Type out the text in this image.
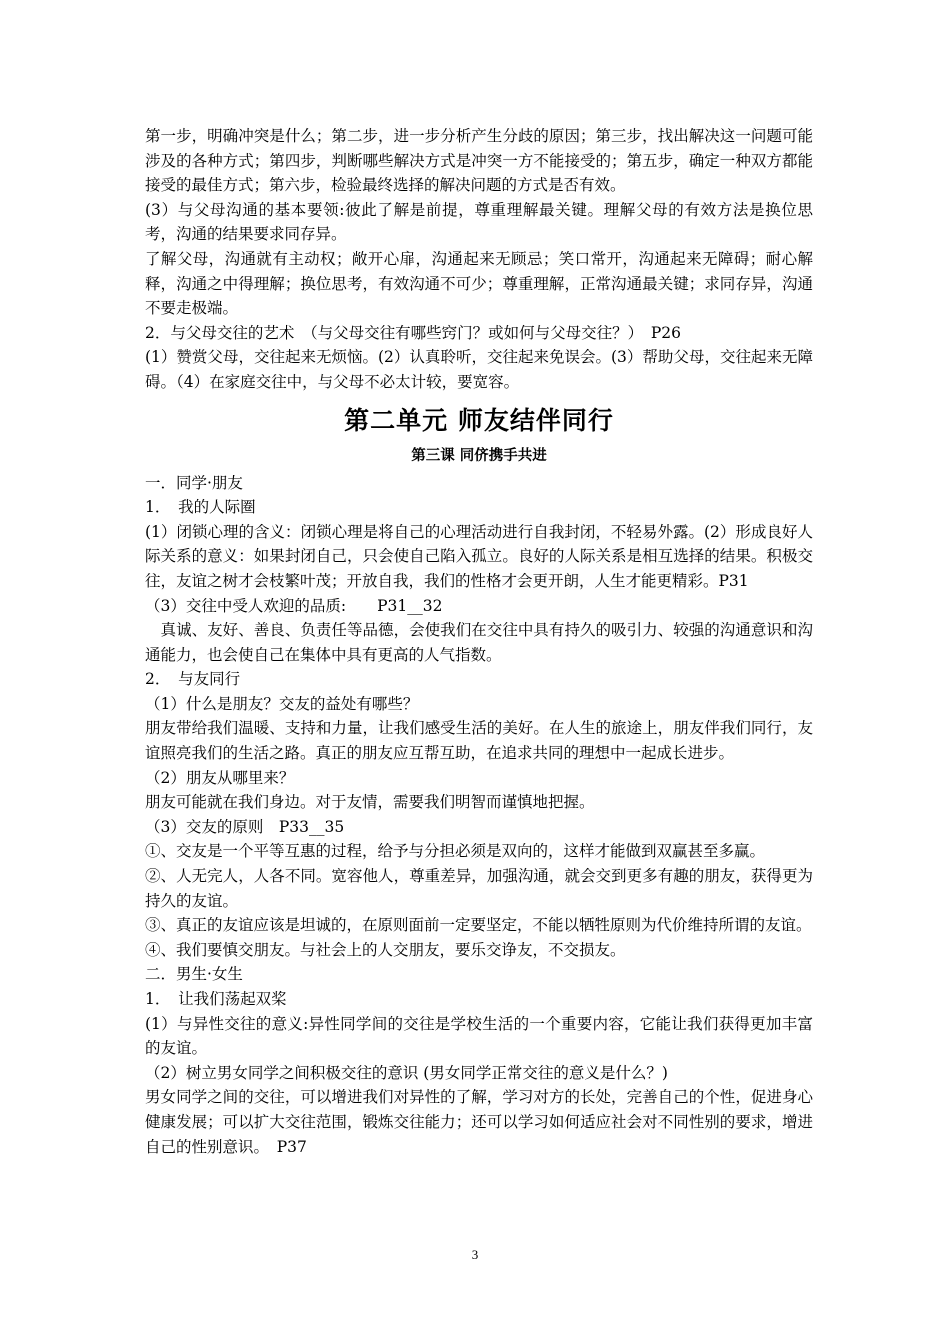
第一步，明确冲突是什么；第二步，进一步分析产生分歧的原因；第三步，找出解决这一问题可能涉及的各种方式；第四步，判断哪些解决方式是冲突一方不能接受的；第五步，确定一种双方都能接受的最佳方式；第六步，检验最终选择的解决问题的方式是否有效。

(3）与父母沟通的基本要领:彼此了解是前提，尊重理解最关键。理解父母的有效方法是换位思考，沟通的结果要求同存异。

了解父母，沟通就有主动权；敞开心扉，沟通起来无顾忌；笑口常开，沟通起来无障碍；耐心解释，沟通之中得理解；换位思考，有效沟通不可少；尊重理解，正常沟通最关键；求同存异，沟通不要走极端。

2．与父母交往的艺术　（与父母交往有哪些窍门？或如何与父母交往？）　P26

(1）赞赏父母，交往起来无烦恼。(2）认真聆听，交往起来免误会。(3）帮助父母，交往起来无障碍。（4）在家庭交往中，与父母不必太计较，要宽容。

第二单元 师友结伴同行
第三课 同侪携手共进

一．同学·朋友

1．　我的人际圈

(1）闭锁心理的含义：闭锁心理是将自己的心理活动进行自我封闭，不轻易外露。(2）形成良好人际关系的意义：如果封闭自己，只会使自己陷入孤立。良好的人际关系是相互选择的结果。积极交往，友谊之树才会枝繁叶茂；开放自我，我们的性格才会更开朗，人生才能更精彩。P31

（3）交往中受人欢迎的品质:　　P31__32

　真诚、友好、善良、负责任等品德，会使我们在交往中具有持久的吸引力、较强的沟通意识和沟通能力，也会使自己在集体中具有更高的人气指数。

2．　与友同行

（1）什么是朋友？交友的益处有哪些？

朋友带给我们温暖、支持和力量，让我们感受生活的美好。在人生的旅途上，朋友伴我们同行，友谊照亮我们的生活之路。真正的朋友应互帮互助，在追求共同的理想中一起成长进步。

（2）朋友从哪里来？

朋友可能就在我们身边。对于友情，需要我们明智而谨慎地把握。

（3）交友的原则　P33__35

①、交友是一个平等互惠的过程，给予与分担必须是双向的，这样才能做到双赢甚至多赢。

②、人无完人，人各不同。宽容他人，尊重差异，加强沟通，就会交到更多有趣的朋友，获得更为持久的友谊。

③、真正的友谊应该是坦诚的，在原则面前一定要坚定，不能以牺牲原则为代价维持所谓的友谊。

④、我们要慎交朋友。与社会上的人交朋友，要乐交诤友，不交损友。

二．男生·女生

1．　让我们荡起双桨

(1）与异性交往的意义:异性同学间的交往是学校生活的一个重要内容，它能让我们获得更加丰富的友谊。

（2）树立男女同学之间积极交往的意识 (男女同学正常交往的意义是什么？)

男女同学之间的交往，可以增进我们对异性的了解，学习对方的长处，完善自己的个性，促进身心健康发展；可以扩大交往范围，锻炼交往能力；还可以学习如何适应社会对不同性别的要求，增进自己的性别意识。　P37

3
